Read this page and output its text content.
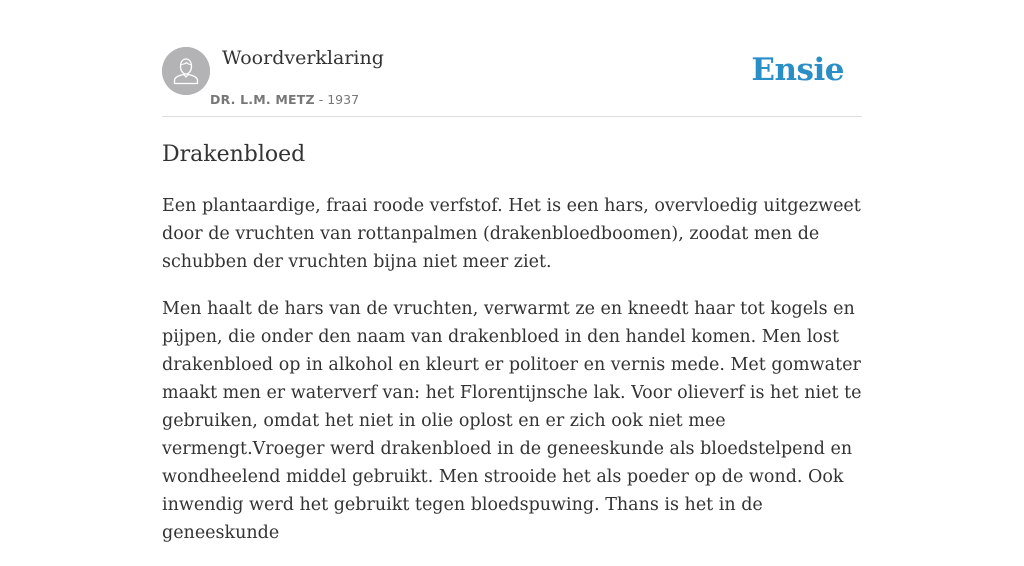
Woordverklaring
DR. L.M. METZ - 1937
Ensie
Drakenbloed

Een plantaardige, fraai roode verfstof. Het is een hars, overvloedig uitgezweet door de vruchten van rottanpalmen (drakenbloedboomen), zoodat men de schubben der vruchten bijna niet meer ziet.

Men haalt de hars van de vruchten, verwarmt ze en kneedt haar tot kogels en pijpen, die onder den naam van drakenbloed in den handel komen. Men lost drakenbloed op in alkohol en kleurt er politoer en vernis mede. Met gomwater maakt men er waterverf van: het Florentijnsche lak. Voor olieverf is het niet te gebruiken, omdat het niet in olie oplost en er zich ook niet mee vermengt.Vroeger werd drakenbloed in de geneeskunde als bloedstelpend en wondheelend middel gebruikt. Men strooide het als poeder op de wond. Ook inwendig werd het gebruikt tegen bloedspuwing. Thans is het in de geneeskunde
